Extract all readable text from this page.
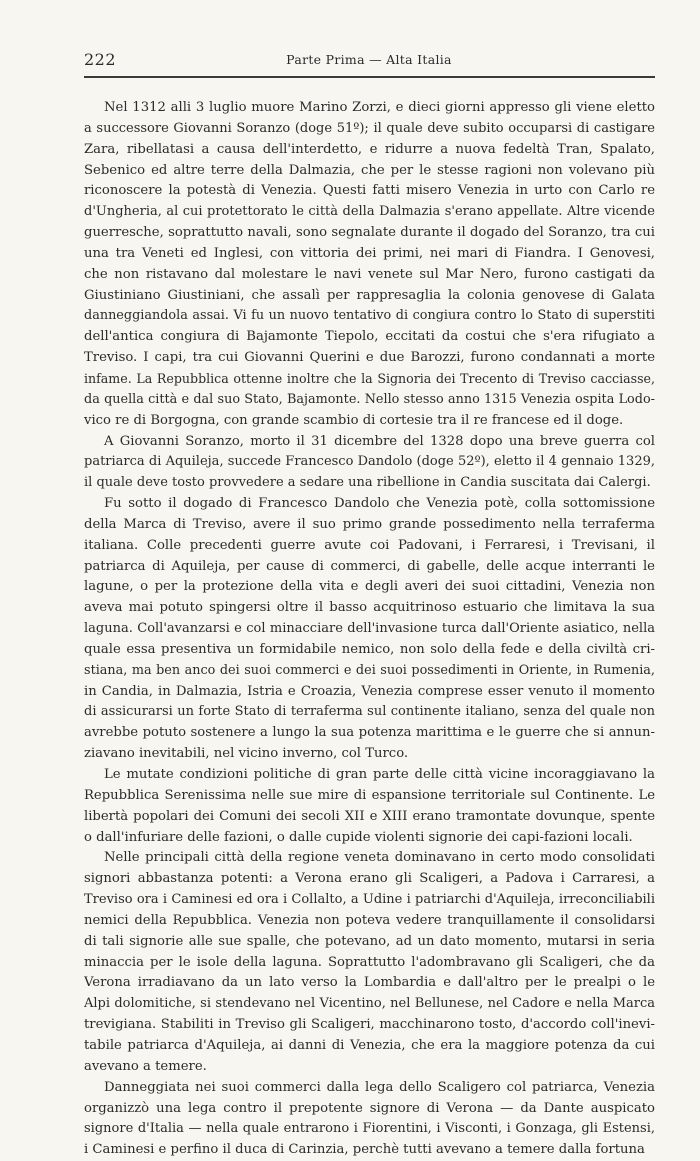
222	Parte Prima — Alta Italia
Nel 1312 alli 3 luglio muore Marino Zorzi, e dieci giorni appresso gli viene eletto
a successore Giovanni Soranzo (doge 51º); il quale deve subito occuparsi di castigare
Zara, ribellatasi a causa dell'interdetto, e ridurre a nuova fedeltà Tran, Spalato,
Sebenico ed altre terre della Dalmazia, che per le stesse ragioni non volevano più
riconoscere la potestà di Venezia. Questi fatti misero Venezia in urto con Carlo re
d'Ungheria, al cui protettorato le città della Dalmazia s'erano appellate. Altre vicende
guerresche, soprattutto navali, sono segnalate durante il dogado del Soranzo, tra cui
una tra Veneti ed Inglesi, con vittoria dei primi, nei mari di Fiandra. I Genovesi,
che non ristavano dal molestare le navi venete sul Mar Nero, furono castigati da
Giustiniano Giustiniani, che assalì per rappresaglia la colonia genovese di Galata
danneggiandola assai. Vi fu un nuovo tentativo di congiura contro lo Stato di superstiti
dell'antica congiura di Bajamonte Tiepolo, eccitati da costui che s'era rifugiato a
Treviso. I capi, tra cui Giovanni Querini e due Barozzi, furono condannati a morte
infame. La Repubblica ottenne inoltre che la Signoria dei Trecento di Treviso cacciasse,
da quella città e dal suo Stato, Bajamonte. Nello stesso anno 1315 Venezia ospita Lodo-
vico re di Borgogna, con grande scambio di cortesie tra il re francese ed il doge.
A Giovanni Soranzo, morto il 31 dicembre del 1328 dopo una breve guerra col
patriarca di Aquileja, succede Francesco Dandolo (doge 52º), eletto il 4 gennaio 1329,
il quale deve tosto provvedere a sedare una ribellione in Candia suscitata dai Calergi.
Fu sotto il dogado di Francesco Dandolo che Venezia potè, colla sottomissione
della Marca di Treviso, avere il suo primo grande possedimento nella terraferma
italiana. Colle precedenti guerre avute coi Padovani, i Ferraresi, i Trevisani, il
patriarca di Aquileja, per cause di commerci, di gabelle, delle acque interranti le
lagune, o per la protezione della vita e degli averi dei suoi cittadini, Venezia non
aveva mai potuto spingersi oltre il basso acquitrinoso estuario che limitava la sua
laguna. Coll'avanzarsi e col minacciare dell'invasione turca dall'Oriente asiatico, nella
quale essa presentiva un formidabile nemico, non solo della fede e della civiltà cri-
stiana, ma ben anco dei suoi commerci e dei suoi possedimenti in Oriente, in Rumenia,
in Candia, in Dalmazia, Istria e Croazia, Venezia comprese esser venuto il momento
di assicurarsi un forte Stato di terraferma sul continente italiano, senza del quale non
avrebbe potuto sostenere a lungo la sua potenza marittima e le guerre che si annun-
ziavano inevitabili, nel vicino inverno, col Turco.
Le mutate condizioni politiche di gran parte delle città vicine incoraggiavano la
Repubblica Serenissima nelle sue mire di espansione territoriale sul Continente. Le
libertà popolari dei Comuni dei secoli XII e XIII erano tramontate dovunque, spente
o dall'infuriare delle fazioni, o dalle cupide violenti signorie dei capi-fazioni locali.
Nelle principali città della regione veneta dominavano in certo modo consolidati
signori abbastanza potenti: a Verona erano gli Scaligeri, a Padova i Carraresi, a
Treviso ora i Caminesi ed ora i Collalto, a Udine i patriarchi d'Aquileja, irreconciliabili
nemici della Repubblica. Venezia non poteva vedere tranquillamente il consolidarsi
di tali signorie alle sue spalle, che potevano, ad un dato momento, mutarsi in seria
minaccia per le isole della laguna. Soprattutto l'adombravano gli Scaligeri, che da
Verona irradiavano da un lato verso la Lombardia e dall'altro per le prealpi o le
Alpi dolomitiche, si stendevano nel Vicentino, nel Bellunese, nel Cadore e nella Marca
trevigiana. Stabiliti in Treviso gli Scaligeri, macchinarono tosto, d'accordo coll'inevi-
tabile patriarca d'Aquileja, ai danni di Venezia, che era la maggiore potenza da cui
avevano a temere.
Danneggiata nei suoi commerci dalla lega dello Scaligero col patriarca, Venezia
organizzò una lega contro il prepotente signore di Verona — da Dante auspicato
signore d'Italia — nella quale entrarono i Fiorentini, i Visconti, i Gonzaga, gli Estensi,
i Caminesi e perfino il duca di Carinzia, perchè tutti avevano a temere dalla fortuna
